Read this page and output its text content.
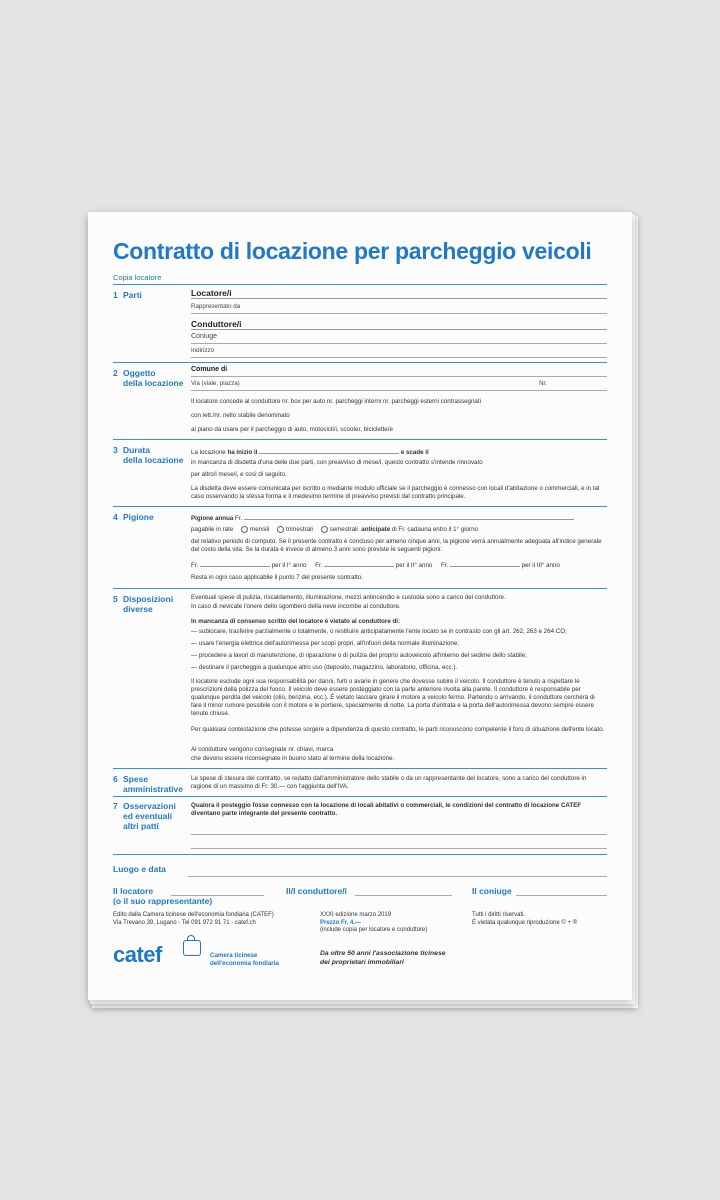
Contratto di locazione per parcheggio veicoli
Copia locatore
1 Parti	Locatore/i
Rappresentato da
Conduttore/i
Coniuge
Indirizzo
2 Oggetto
della locazione
Comune di
Via (viale, piazza)	Nr.
Il locatore concede al conduttore nr. box per auto nr. parcheggi interni nr. parcheggi esterni contrassegnati
con lett./nr. nello stabile denominato
al piano da usare per il parcheggio di auto, motocicli/i, scooter, biciclette/e
3 Durata
della locazione
La locazione ha inizio il	e scade il
in mancanza di disdetta d'una delle due parti, con preavviso di mese/i, questo contratto s'intende rinnovato
per altro/i mese/i, e così di seguito.
La disdetta deve essere comunicata per iscritto o mediante modulo ufficiale se il parcheggio è connesso con locali d'abitazione o commerciali, e in tal caso osservando la stessa forma e il medesimo termine di preavviso previsti dal contratto principale.
4 Pigione	Pigione annua Fr.
pagabile in rate	mensili	trimestrali	semestrali anticipate di Fr. cadauna entro il 1° giorno
del relativo periodo di computo. Se il presente contratto è concluso per almeno cinque anni, la pigione verrà annualmente adeguata all'indice generale del costo della vita. Se la durata è invece di almeno 3 anni sono previste le seguenti pigioni:
Fr.	per il I° anno Fr.	per il II° anno Fr.	per il III° anno
Resta in ogni caso applicabile il punto 7 del presente contratto.
5 Disposizioni
diverse
Eventuali spese di pulizia, riscaldamento, illuminazione, mezzi antincendio e custodia sono a carico del conduttore.
In caso di nevicate l'onere dello sgombero della neve incombe al conduttore.
In mancanza di consenso scritto del locatore è vietato al conduttore di:
— sublocare, trasferire parzialmente o totalmente, o restituire anticipatamente l'ente locato se in contrasto con gli art. 262, 263 e 264 CO;
— usare l'energia elettrica dell'autorimessa per scopi propri, all'infuori della normale illuminazione;
— procedere a lavori di manutenzione, di riparazione o di pulizia del proprio autoveicolo all'interno del sedime dello stabile;
— destinare il parcheggio a qualunque altro uso (deposito, magazzino, laboratorio, officina, ecc.).
Il locatore esclude ogni sua responsabilità per danni, furti o avarie in genere che dovesse subire il veicolo. Il conduttore è tenuto a rispettare le prescrizioni della polizza del fuoco. Il veicolo deve essere posteggiato con la parte anteriore rivolta alla parete. Il conduttore è responsabile per qualunque perdita del veicolo (olio, benzina, ecc.). È vietato lasciare girare il motore a veicolo fermo. Partendo o arrivando, il conduttore cercherà di fare il minor rumore possibile con il motore e le portiere, specialmente di notte. La porta d'entrata e la porta dell'autorimessa devono sempre essere tenute chiuse.
Per qualsiasi contestazione che potesse sorgere a dipendenza di questo contratto, le parti riconoscono competente il foro di situazione dell'ente locato.
Al conduttore vengono consegnate nr. chiavi, marca
che devono essere riconsegnate in buono stato al termine della locazione.
6 Spese
amministrative
Le spese di stesura del contratto, se redatto dall'amministratore dello stabile o da un rappresentante del locatore, sono a carico del conduttore in ragione di un massimo di Fr. 30.— con l'aggiunta dell'IVA.
7 Osservazioni
ed eventuali
altri patti
Qualora il posteggio fosse connesso con la locazione di locali abitativi o commerciali, le condizioni del contratto di locazione CATEF diventano parte integrante del presente contratto.
Luogo e data
Il locatore
(o il suo rappresentante)
Il/I conduttore/i	Il coniuge
Edito dalla Camera ticinese dell'economia fondiaria (CATEF)
Via Trevano 39, Lugano - Tel 091 972 91 71 - catef.ch
XXXI edizione marzo 2019
Prezzo Fr. 4.—
(include copia per locatore e conduttore)
Tutti i diritti riservati.
È vietata qualunque riproduzione © + ®
catef	Camera ticinese
dell'economia fondiaria
Da oltre 50 anni l'associazione ticinese
dei proprietari immobiliari
